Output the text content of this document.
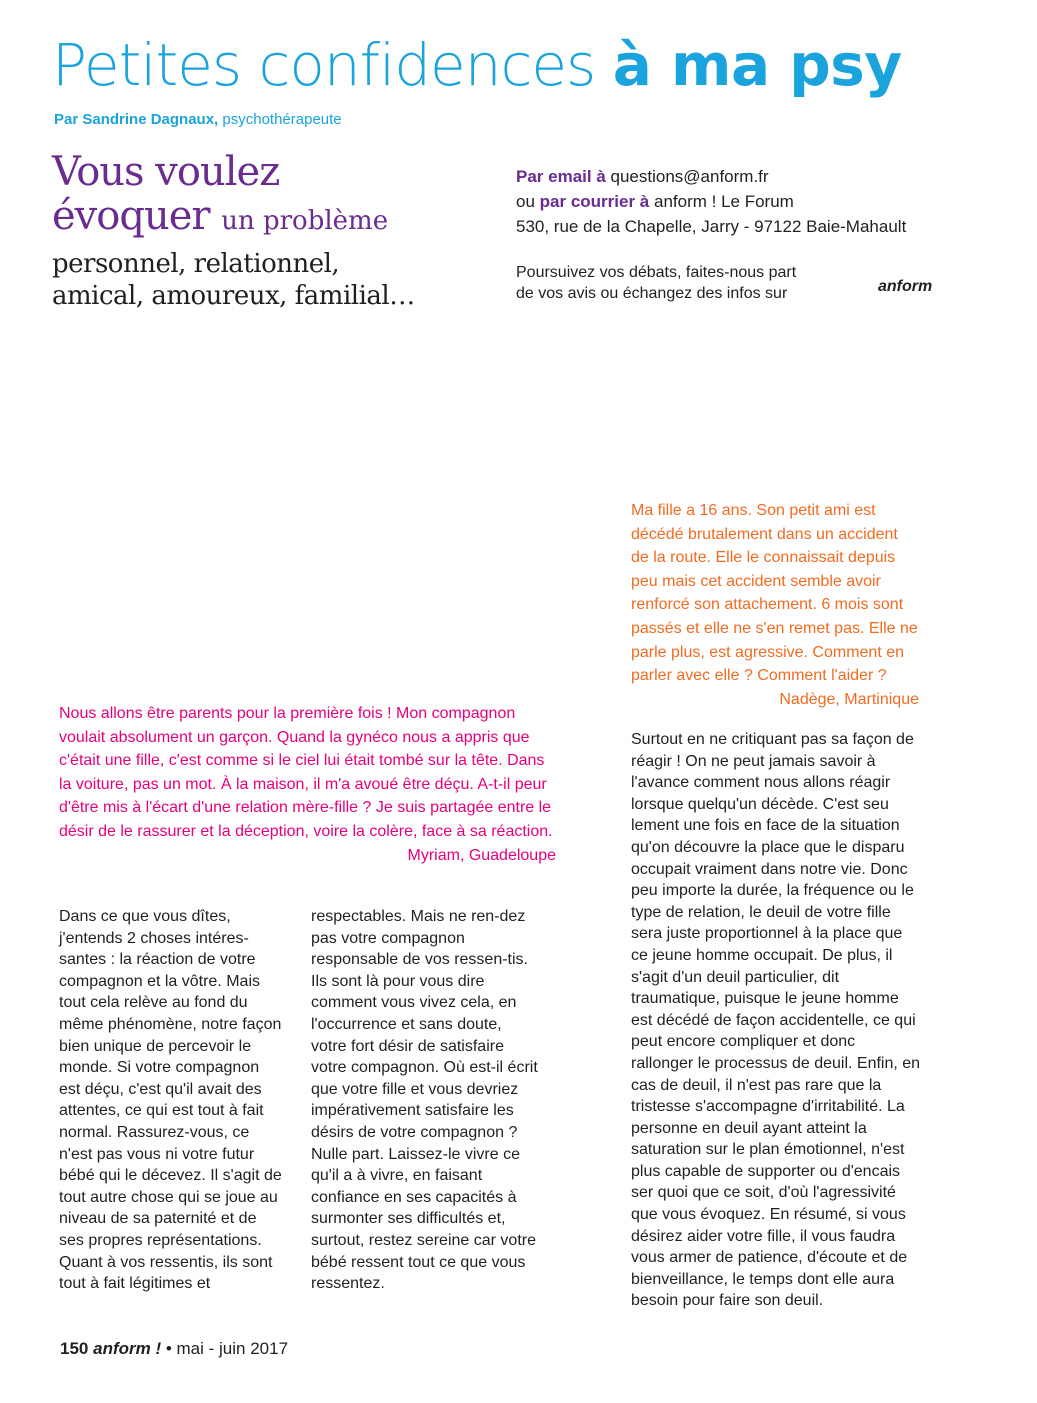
Petites confidences à ma psy
Par Sandrine Dagnaux, psychothérapeute
Vous voulez
évoquer un problème
personnel, relationnel,
amical, amoureux, familial…
Par email à questions@anform.fr
ou par courrier à anform ! Le Forum
530, rue de la Chapelle, Jarry - 97122 Baie-Mahault
Poursuivez vos débats, faites-nous part
de vos avis ou échangez des infos sur	anform
Ma fille a 16 ans. Son petit ami est décédé brutalement dans un accident de la route. Elle le connaissait depuis peu mais cet accident semble avoir renforcé son attachement. 6 mois sont passés et elle ne s'en remet pas. Elle ne parle plus, est agressive. Comment en parler avec elle ? Comment l'aider ?
Nadège, Martinique
Nous allons être parents pour la première fois ! Mon compagnon voulait absolument un garçon. Quand la gynéco nous a appris que c'était une fille, c'est comme si le ciel lui était tombé sur la tête. Dans la voiture, pas un mot. À la maison, il m'a avoué être déçu. A-t-il peur d'être mis à l'écart d'une relation mère-fille ? Je suis partagée entre le désir de le rassurer et la déception, voire la colère, face à sa réaction.
Myriam, Guadeloupe
Dans ce que vous dîtes, j'entends 2 choses intéres-santes : la réaction de votre compagnon et la vôtre. Mais tout cela relève au fond du même phénomène, notre façon bien unique de percevoir le monde. Si votre compagnon est déçu, c'est qu'il avait des attentes, ce qui est tout à fait normal. Rassurez-vous, ce n'est pas vous ni votre futur bébé qui le décevez. Il s'agit de tout autre chose qui se joue au niveau de sa paternité et de ses propres représentations. Quant à vos ressentis, ils sont tout à fait légitimes et
respectables. Mais ne ren-dez pas votre compagnon responsable de vos ressen-tis. Ils sont là pour vous dire comment vous vivez cela, en l'occurrence et sans doute, votre fort désir de satisfaire votre compagnon. Où est-il écrit que votre fille et vous devriez impérativement satisfaire les désirs de votre compagnon ? Nulle part. Laissez-le vivre ce qu'il a à vivre, en faisant confiance en ses capacités à surmonter ses difficultés et, surtout, restez sereine car votre bébé ressent tout ce que vous ressentez.
Surtout en ne critiquant pas sa façon de réagir ! On ne peut jamais savoir à l'avance comment nous allons réagir lorsque quelqu'un décède. C'est seu lement une fois en face de la situation qu'on découvre la place que le disparu occupait vraiment dans notre vie. Donc peu importe la durée, la fréquence ou le type de relation, le deuil de votre fille sera juste proportionnel à la place que ce jeune homme occupait. De plus, il s'agit d'un deuil particulier, dit traumatique, puisque le jeune homme est décédé de façon accidentelle, ce qui peut encore compliquer et donc rallonger le processus de deuil. Enfin, en cas de deuil, il n'est pas rare que la tristesse s'accompagne d'irritabilité. La personne en deuil ayant atteint la saturation sur le plan émotionnel, n'est plus capable de supporter ou d'encais ser quoi que ce soit, d'où l'agressivité que vous évoquez. En résumé, si vous désirez aider votre fille, il vous faudra vous armer de patience, d'écoute et de bienveillance, le temps dont elle aura besoin pour faire son deuil.
150 anform ! • mai - juin 2017
